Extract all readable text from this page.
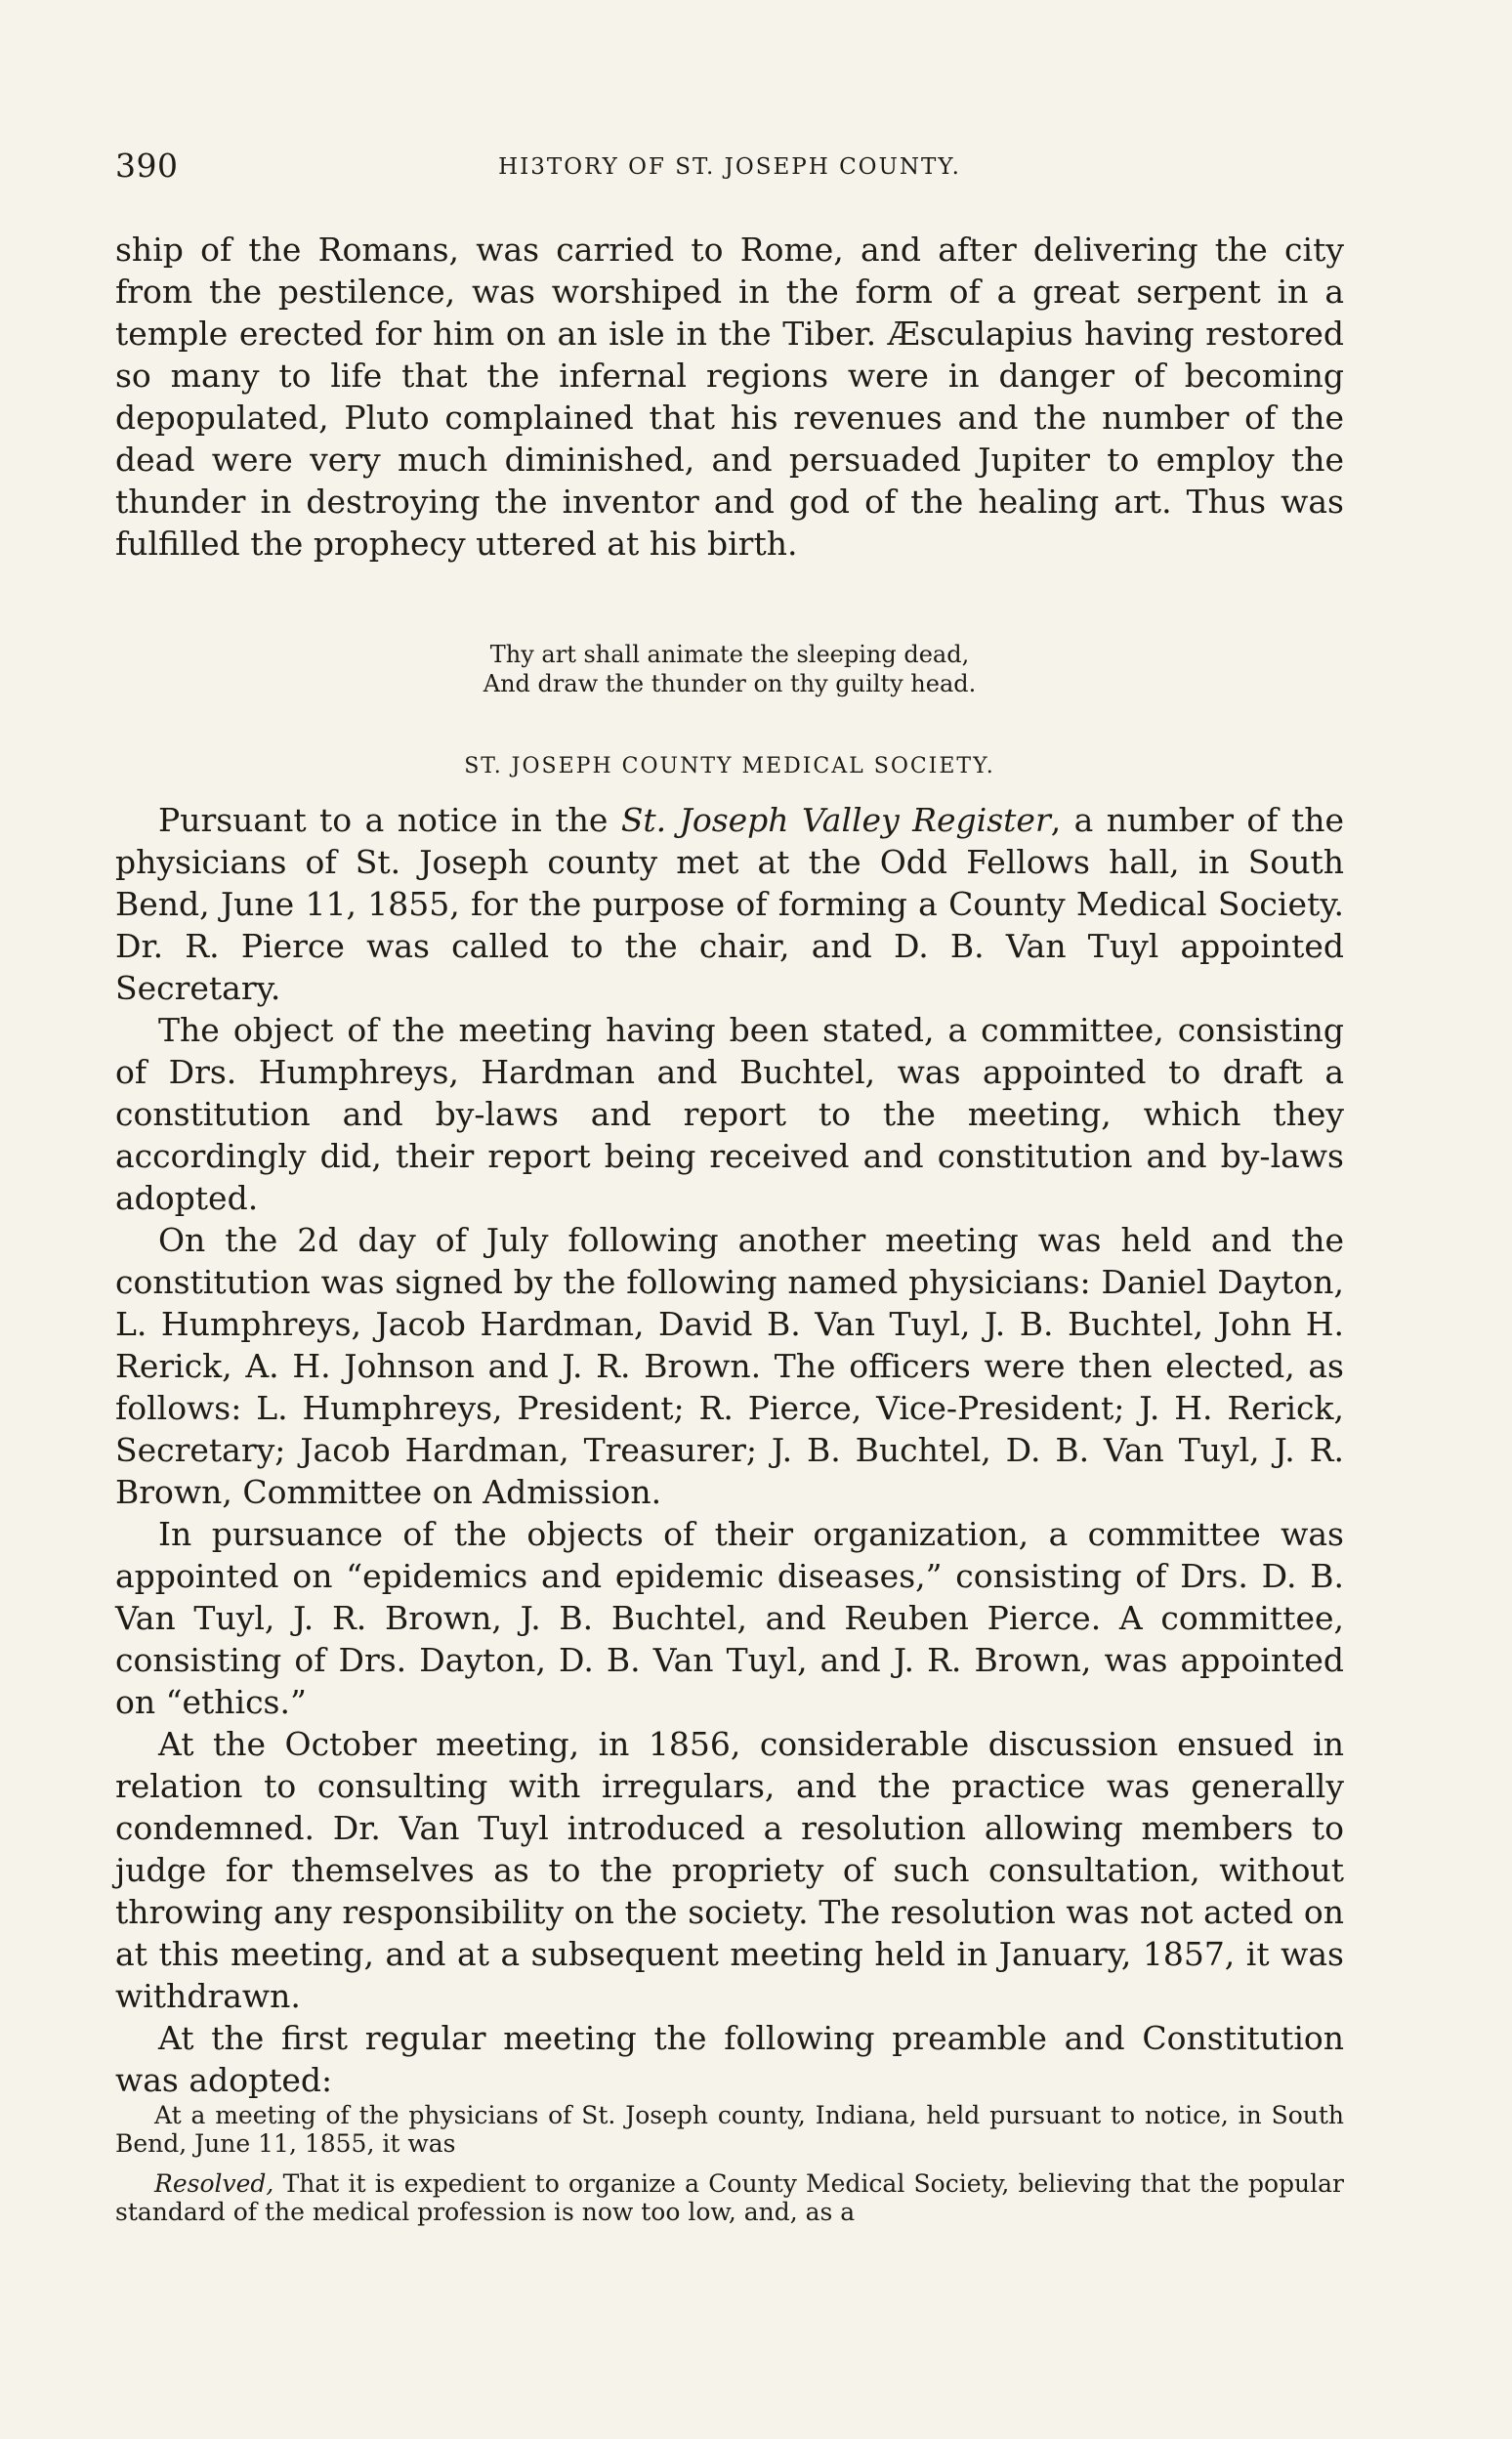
390	HI3TORY OF ST. JOSEPH COUNTY.

ship of the Romans, was carried to Rome, and after delivering the city from the pestilence, was worshiped in the form of a great serpent in a temple erected for him on an isle in the Tiber. Æsculapius having restored so many to life that the infernal regions were in danger of becoming depopulated, Pluto complained that his revenues and the number of the dead were very much diminished, and persuaded Jupiter to employ the thunder in destroying the inventor and god of the healing art. Thus was fulfilled the prophecy uttered at his birth.

Thy art shall animate the sleeping dead,

And draw the thunder on thy guilty head.

ST. JOSEPH COUNTY MEDICAL SOCIETY.

Pursuant to a notice in the St. Joseph Valley Register, a number of the physicians of St. Joseph county met at the Odd Fellows hall, in South Bend, June 11, 1855, for the purpose of forming a County Medical Society. Dr. R. Pierce was called to the chair, and D. B. Van Tuyl appointed Secretary.

The object of the meeting having been stated, a committee, consisting of Drs. Humphreys, Hardman and Buchtel, was appointed to draft a constitution and by-laws and report to the meeting, which they accordingly did, their report being received and constitution and by-laws adopted.

On the 2d day of July following another meeting was held and the constitution was signed by the following named physicians: Daniel Dayton, L. Humphreys, Jacob Hardman, David B. Van Tuyl, J. B. Buchtel, John H. Rerick, A. H. Johnson and J. R. Brown. The officers were then elected, as follows: L. Humphreys, President; R. Pierce, Vice-President; J. H. Rerick, Secretary; Jacob Hardman, Treasurer; J. B. Buchtel, D. B. Van Tuyl, J. R. Brown, Committee on Admission.

In pursuance of the objects of their organization, a committee was appointed on “epidemics and epidemic diseases,” consisting of Drs. D. B. Van Tuyl, J. R. Brown, J. B. Buchtel, and Reuben Pierce. A committee, consisting of Drs. Dayton, D. B. Van Tuyl, and J. R. Brown, was appointed on “ethics.”

At the October meeting, in 1856, considerable discussion ensued in relation to consulting with irregulars, and the practice was generally condemned. Dr. Van Tuyl introduced a resolution allowing members to judge for themselves as to the propriety of such consultation, without throwing any responsibility on the society. The resolution was not acted on at this meeting, and at a subsequent meeting held in January, 1857, it was withdrawn.

At the first regular meeting the following preamble and Constitution was adopted:

At a meeting of the physicians of St. Joseph county, Indiana, held pursuant to notice, in South Bend, June 11, 1855, it was

Resolved, That it is expedient to organize a County Medical Society, believing that the popular standard of the medical profession is now too low, and, as a
